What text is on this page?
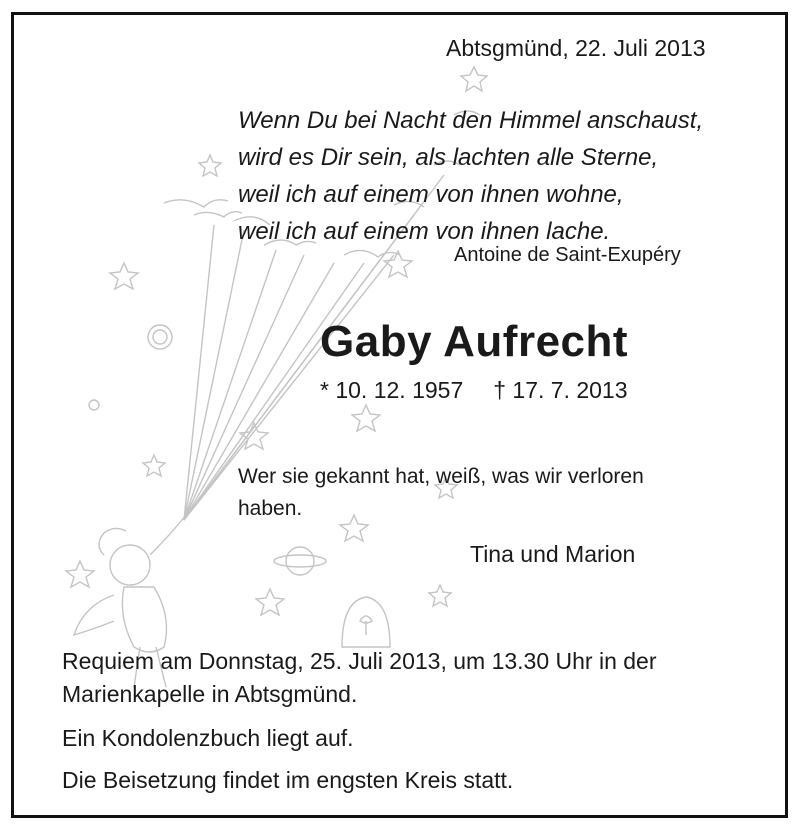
Abtsgmünd, 22. Juli 2013
Wenn Du bei Nacht den Himmel anschaust,
wird es Dir sein, als lachten alle Sterne,
weil ich auf einem von ihnen wohne,
weil ich auf einem von ihnen lache.
Antoine de Saint-Exupéry
Gaby Aufrecht
* 10. 12. 1957 † 17. 7. 2013
Wer sie gekannt hat, weiß, was wir verloren haben.
Tina und Marion
Requiem am Donnstag, 25. Juli 2013, um 13.30 Uhr in der Marienkapelle in Abtsgmünd.
Ein Kondolenzbuch liegt auf.
Die Beisetzung findet im engsten Kreis statt.
